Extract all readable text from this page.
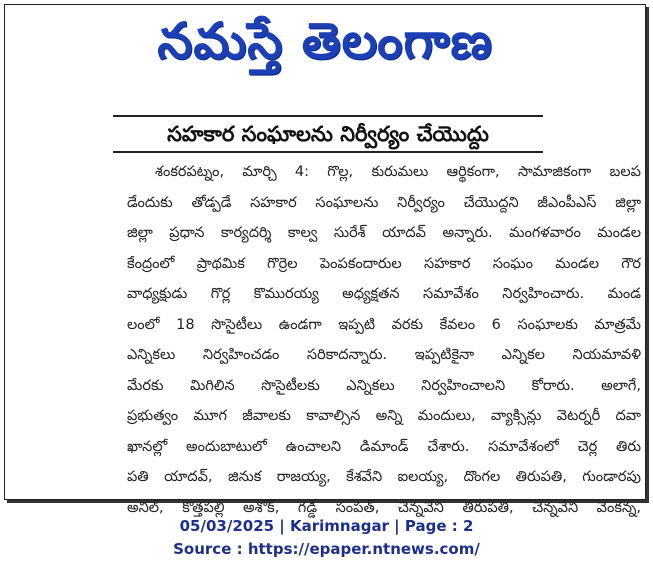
నమస్తే తెలంగాణ
సహకార సంఘాలను నిర్వీర్యం చేయొద్దు
శంకరపట్నం, మార్చి 4: గొల్ల, కురుమలు ఆర్థికంగా, సామాజికంగా బలప
డేందుకు తోడ్పడే సహకార సంఘాలను నిర్వీర్యం చేయొద్దని జీఎంపీఎస్ జిల్లా
జిల్లా ప్రధాన కార్యదర్శి కాల్వ సురేశ్ యాదవ్ అన్నారు. మంగళవారం మండల
కేంద్రంలో ప్రాథమిక గొర్రెల పెంపకందారుల సహకార సంఘం మండల గౌర
వాధ్యక్షుడు గొర్ల కొమురయ్య అధ్యక్షతన సమావేశం నిర్వహించారు. మండ
లంలో 18 సొసైటీలు ఉండగా ఇప్పటి వరకు కేవలం 6 సంఘాలకు మాత్రమే
ఎన్నికలు నిర్వహించడం సరికాదన్నారు. ఇప్పటికైనా ఎన్నికల నియమావళి
మేరకు మిగిలిన సొసైటీలకు ఎన్నికలు నిర్వహించాలని కోరారు. అలాగే,
ప్రభుత్వం మూగ జీవాలకు కావాల్సిన అన్ని మందులు, వ్యాక్సిన్లు వెటర్నరీ దవా
ఖానల్లో అందుబాటులో ఉంచాలని డిమాండ్ చేశారు. సమావేశంలో చెర్ల తిరు
పతి యాదవ్, జినుక రాజయ్య, కేశవేని ఐలయ్య, దొంగల తిరుపతి, గుండారపు
అనిల్, కొత్తపల్లి అశోక్, గడ్డి సంపత్, చెన్నవేని తిరుపతి, చెన్నవేని వెంకన్న,
05/03/2025 | Karimnagar | Page : 2
Source : https://epaper.ntnews.com/
